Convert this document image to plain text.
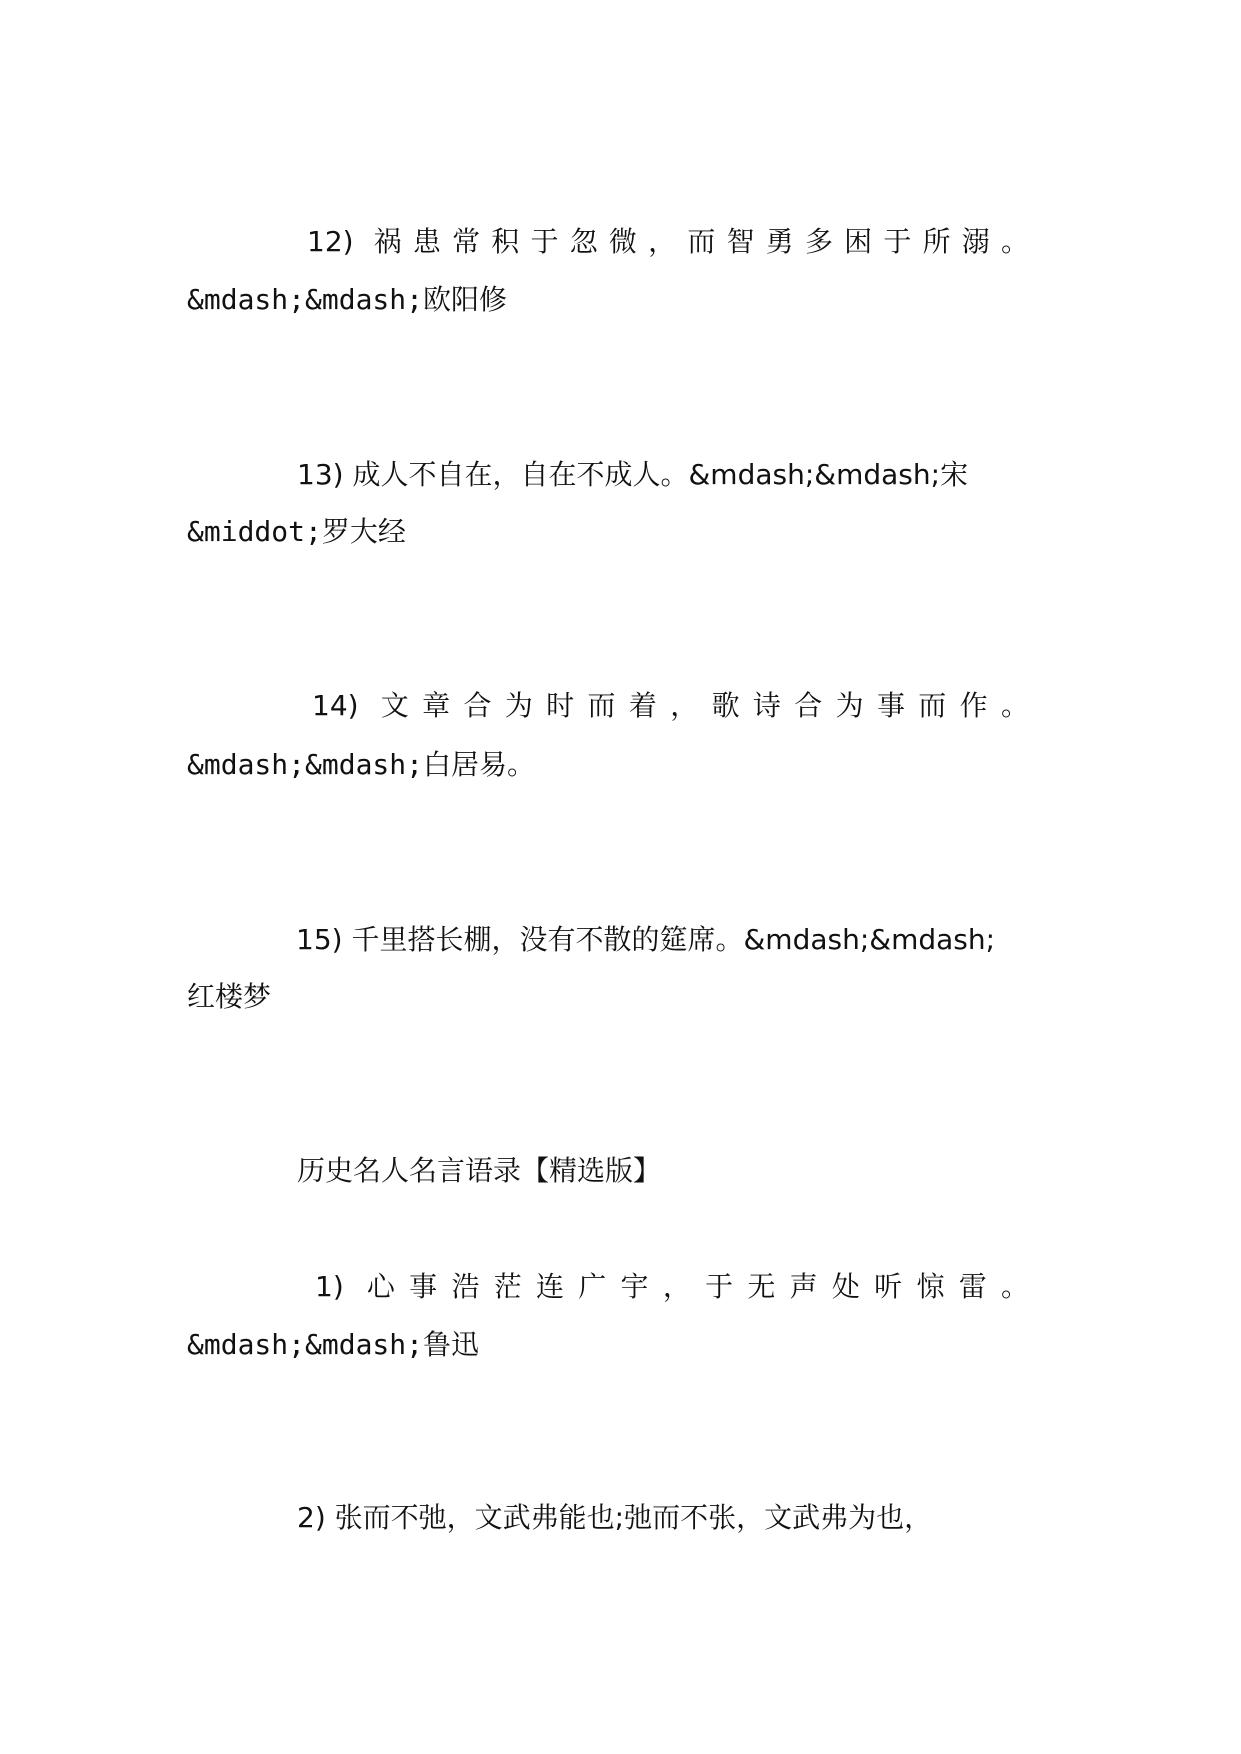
12) 祸患常积于忽微，而智勇多困于所溺。
&mdash;&mdash;欧阳修
13) 成人不自在，自在不成人。&mdash;&mdash;宋
&middot;罗大经
14) 文章合为时而着，歌诗合为事而作。
&mdash;&mdash;白居易。
15) 千里搭长棚，没有不散的筵席。&mdash;&mdash;
红楼梦
历史名人名言语录【精选版】
1) 心事浩茫连广宇，于无声处听惊雷。
&mdash;&mdash;鲁迅
2) 张而不弛，文武弗能也;弛而不张，文武弗为也，
